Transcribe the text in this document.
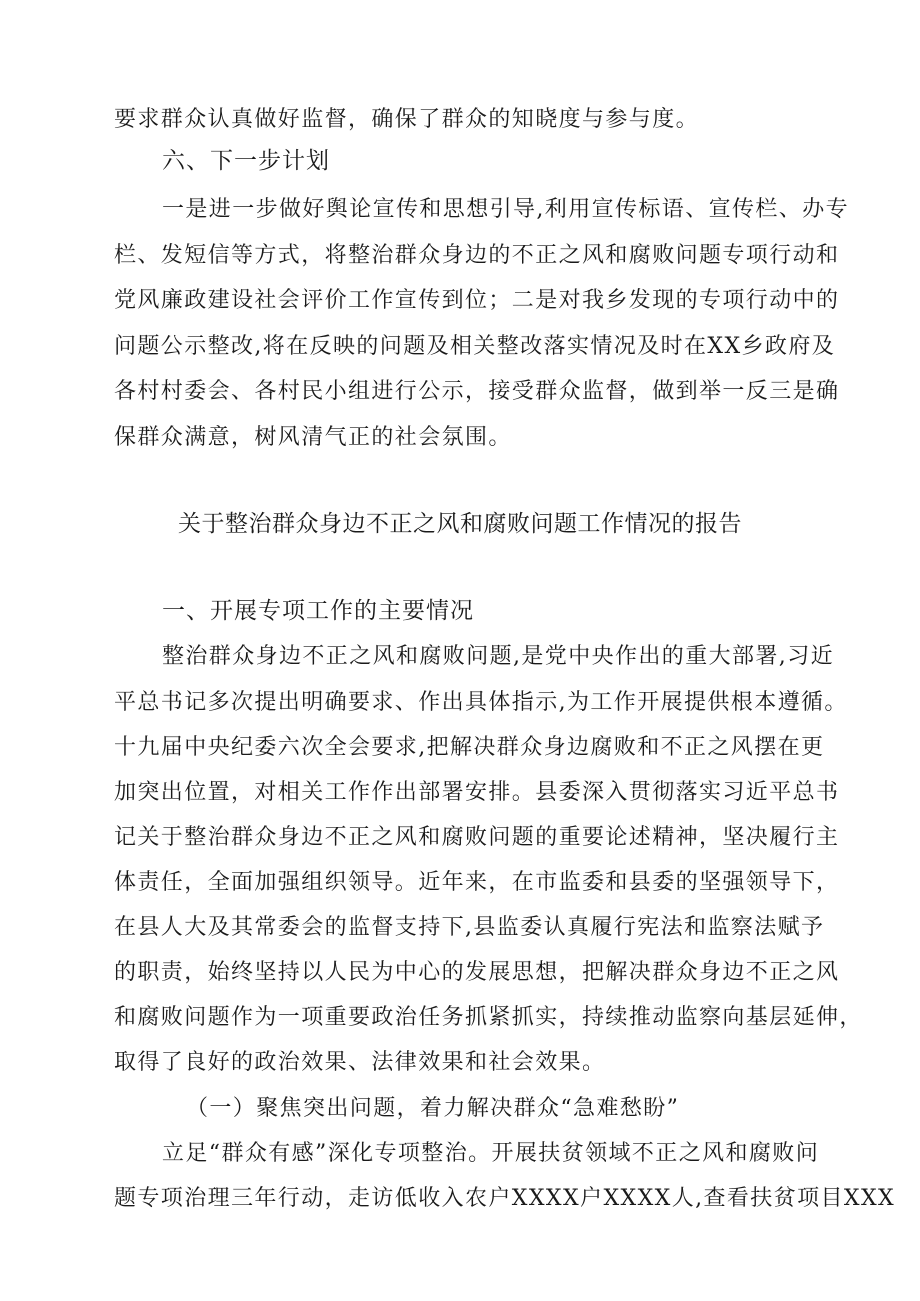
要求群众认真做好监督，确保了群众的知晓度与参与度。
六、下一步计划
一是进一步做好舆论宣传和思想引导,利用宣传标语、宣传栏、办专
栏、发短信等方式，将整治群众身边的不正之风和腐败问题专项行动和
党风廉政建设社会评价工作宣传到位；二是对我乡发现的专项行动中的
问题公示整改,将在反映的问题及相关整改落实情况及时在XX乡政府及
各村村委会、各村民小组进行公示，接受群众监督，做到举一反三是确
保群众满意，树风清气正的社会氛围。
关于整治群众身边不正之风和腐败问题工作情况的报告
一、开展专项工作的主要情况
整治群众身边不正之风和腐败问题,是党中央作出的重大部署,习近
平总书记多次提出明确要求、作出具体指示,为工作开展提供根本遵循。
十九届中央纪委六次全会要求,把解决群众身边腐败和不正之风摆在更
加突出位置，对相关工作作出部署安排。县委深入贯彻落实习近平总书
记关于整治群众身边不正之风和腐败问题的重要论述精神，坚决履行主
体责任，全面加强组织领导。近年来，在市监委和县委的坚强领导下，
在县人大及其常委会的监督支持下,县监委认真履行宪法和监察法赋予
的职责，始终坚持以人民为中心的发展思想，把解决群众身边不正之风
和腐败问题作为一项重要政治任务抓紧抓实，持续推动监察向基层延伸，
取得了良好的政治效果、法律效果和社会效果。
（一）聚焦突出问题，着力解决群众“急难愁盼”
立足“群众有感”深化专项整治。开展扶贫领域不正之风和腐败问
题专项治理三年行动，走访低收入农户XXXX户XXXX人,查看扶贫项目XXX
